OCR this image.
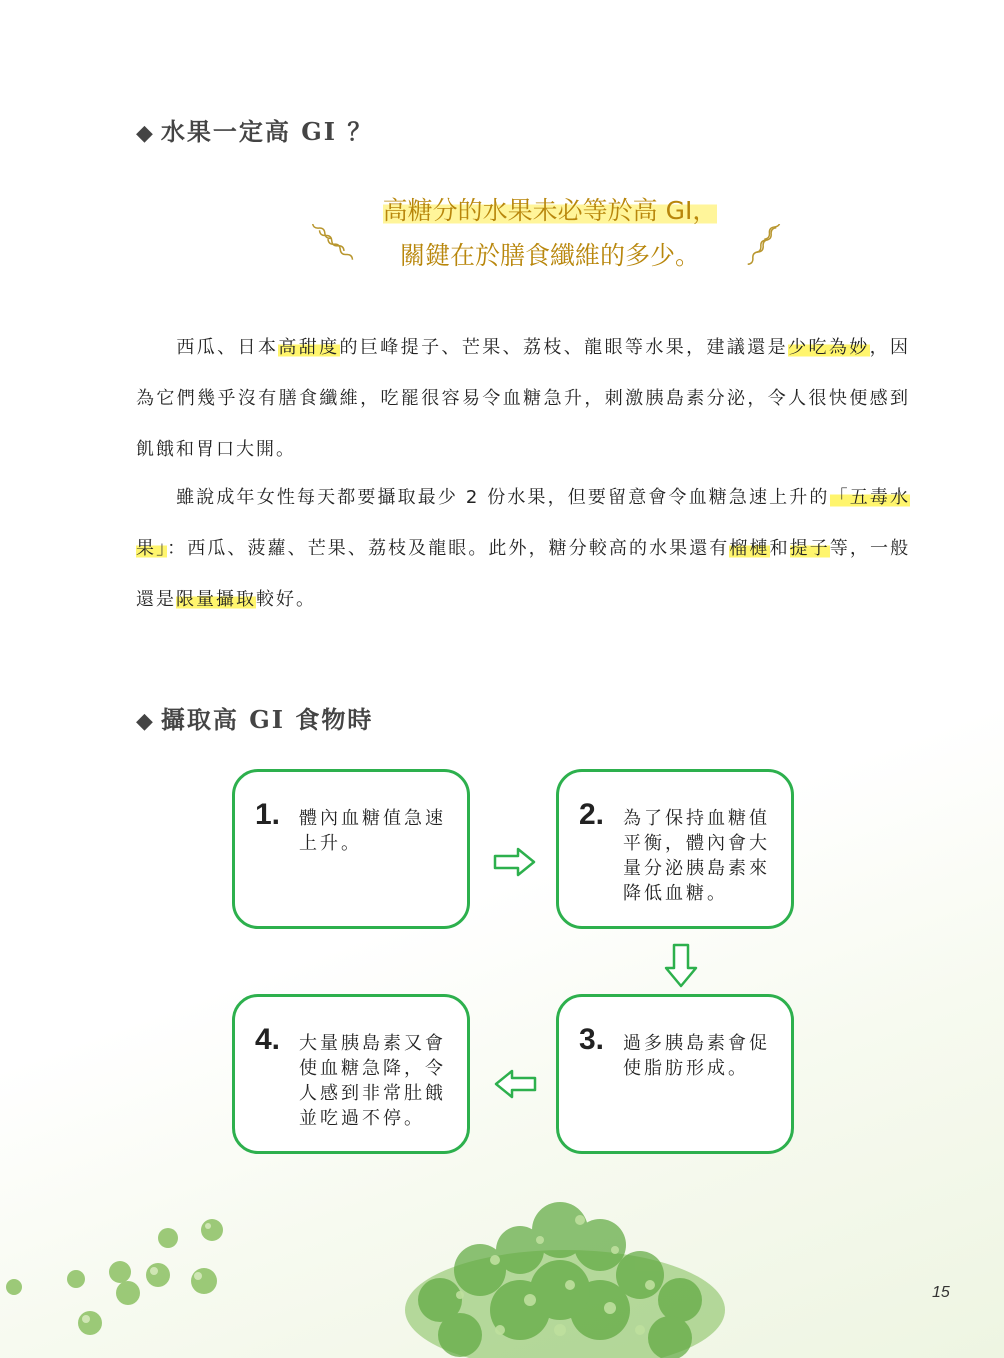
◆ 水果一定高 GI ？
高糖分的水果未必等於高 GI，
關鍵在於膳食纖維的多少。

西瓜、日本高甜度的巨峰提子、芒果、荔枝、龍眼等水果，建議還是少吃為妙，因為它們幾乎沒有膳食纖維，吃罷很容易令血糖急升，刺激胰島素分泌，令人很快便感到飢餓和胃口大開。

雖說成年女性每天都要攝取最少 2 份水果，但要留意會令血糖急速上升的「五毒水果」：西瓜、菠蘿、芒果、荔枝及龍眼。此外，糖分較高的水果還有榴槤和提子等，一般還是限量攝取較好。

◆ 攝取高 GI 食物時
1. 體內血糖值急速上升。
2. 為了保持血糖值平衡，體內會大量分泌胰島素來降低血糖。
3. 過多胰島素會促使脂肪形成。
4. 大量胰島素又會使血糖急降，令人感到非常肚餓並吃過不停。
15
